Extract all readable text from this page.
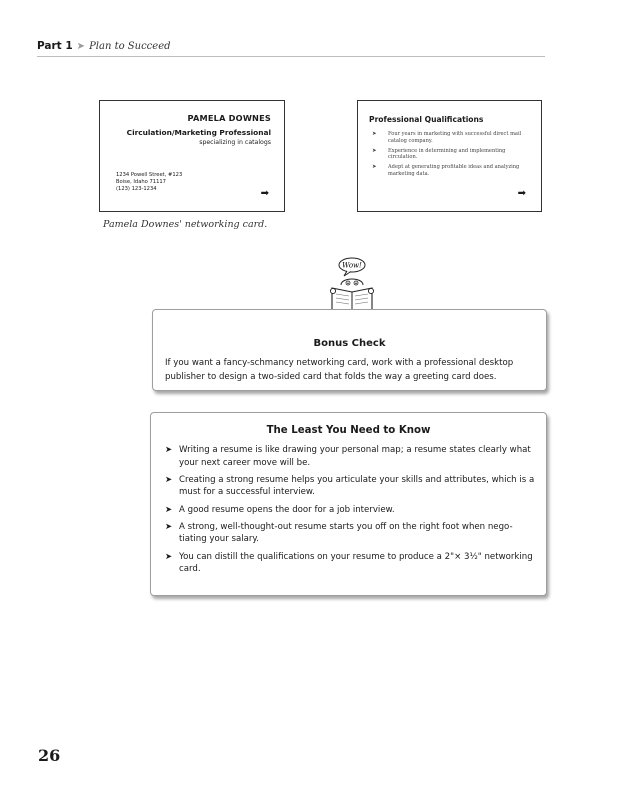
Part 1 ➤ Plan to Succeed
PAMELA DOWNES
Circulation/Marketing Professional
specializing in catalogs
1234 Powell Street, #123
Boise, Idaho 71117
(123) 123-1234	➡
Professional Qualifications
➤ Four years in marketing with successful direct mail catalog company.
➤ Experience in determining and implementing circulation.
➤ Adept at generating profitable ideas and analyzing marketing data.
➡
Pamela Downes' networking card.
Wow!
Bonus Check

If you want a fancy-schmancy networking card, work with a professional desktop publisher to design a two-sided card that folds the way a greeting card does.

The Least You Need to Know
➤ Writing a resume is like drawing your personal map; a resume states clearly what your next career move will be.
➤ Creating a strong resume helps you articulate your skills and attributes, which is a must for a successful interview.
➤ A good resume opens the door for a job interview.
➤ A strong, well-thought-out resume starts you off on the right foot when nego-tiating your salary.
➤ You can distill the qualifications on your resume to produce a 2"× 3½" networking card.
26
